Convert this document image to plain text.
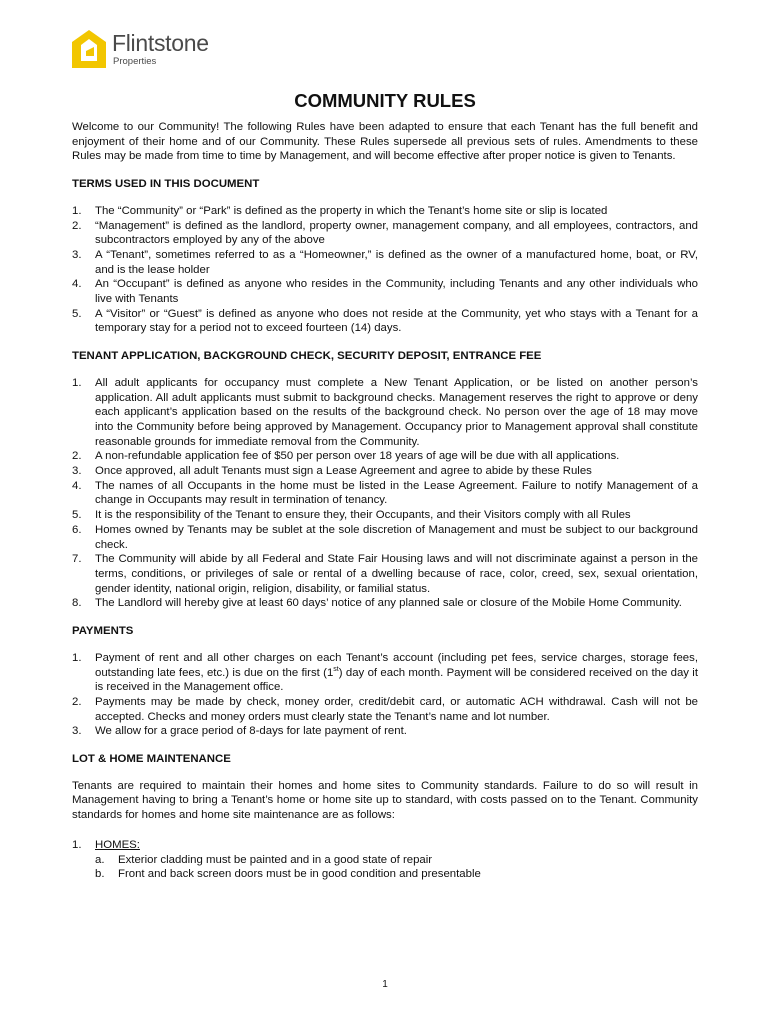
Flintstone
Properties
COMMUNITY RULES

Welcome to our Community! The following Rules have been adapted to ensure that each Tenant has the full benefit and enjoyment of their home and of our Community. These Rules supersede all previous sets of rules. Amendments to these Rules may be made from time to time by Management, and will become effective after proper notice is given to Tenants.

TERMS USED IN THIS DOCUMENT
1. The “Community” or “Park” is defined as the property in which the Tenant’s home site or slip is located
2. “Management” is defined as the landlord, property owner, management company, and all employees, contractors, and subcontractors employed by any of the above
3. A “Tenant”, sometimes referred to as a “Homeowner,” is defined as the owner of a manufactured home, boat, or RV, and is the lease holder
4. An “Occupant” is defined as anyone who resides in the Community, including Tenants and any other individuals who live with Tenants
5. A “Visitor” or “Guest” is defined as anyone who does not reside at the Community, yet who stays with a Tenant for a temporary stay for a period not to exceed fourteen (14) days.
TENANT APPLICATION, BACKGROUND CHECK, SECURITY DEPOSIT, ENTRANCE FEE
1. All adult applicants for occupancy must complete a New Tenant Application, or be listed on another person’s application. All adult applicants must submit to background checks. Management reserves the right to approve or deny each applicant’s application based on the results of the background check. No person over the age of 18 may move into the Community before being approved by Management. Occupancy prior to Management approval shall constitute reasonable grounds for immediate removal from the Community.
2. A non-refundable application fee of $50 per person over 18 years of age will be due with all applications.
3. Once approved, all adult Tenants must sign a Lease Agreement and agree to abide by these Rules
4. The names of all Occupants in the home must be listed in the Lease Agreement. Failure to notify Management of a change in Occupants may result in termination of tenancy.
5. It is the responsibility of the Tenant to ensure they, their Occupants, and their Visitors comply with all Rules
6. Homes owned by Tenants may be sublet at the sole discretion of Management and must be subject to our background check.
7. The Community will abide by all Federal and State Fair Housing laws and will not discriminate against a person in the terms, conditions, or privileges of sale or rental of a dwelling because of race, color, creed, sex, sexual orientation, gender identity, national origin, religion, disability, or familial status.
8. The Landlord will hereby give at least 60 days’ notice of any planned sale or closure of the Mobile Home Community.
PAYMENTS
1. Payment of rent and all other charges on each Tenant’s account (including pet fees, service charges, storage fees, outstanding late fees, etc.) is due on the first (1st) day of each month. Payment will be considered received on the day it is received in the Management office.
2. Payments may be made by check, money order, credit/debit card, or automatic ACH withdrawal. Cash will not be accepted. Checks and money orders must clearly state the Tenant’s name and lot number.
3. We allow for a grace period of 8-days for late payment of rent.
LOT & HOME MAINTENANCE

Tenants are required to maintain their homes and home sites to Community standards. Failure to do so will result in Management having to bring a Tenant’s home or home site up to standard, with costs passed on to the Tenant. Community standards for homes and home site maintenance are as follows:

1. HOMES:
a. Exterior cladding must be painted and in a good state of repair
b. Front and back screen doors must be in good condition and presentable
1
